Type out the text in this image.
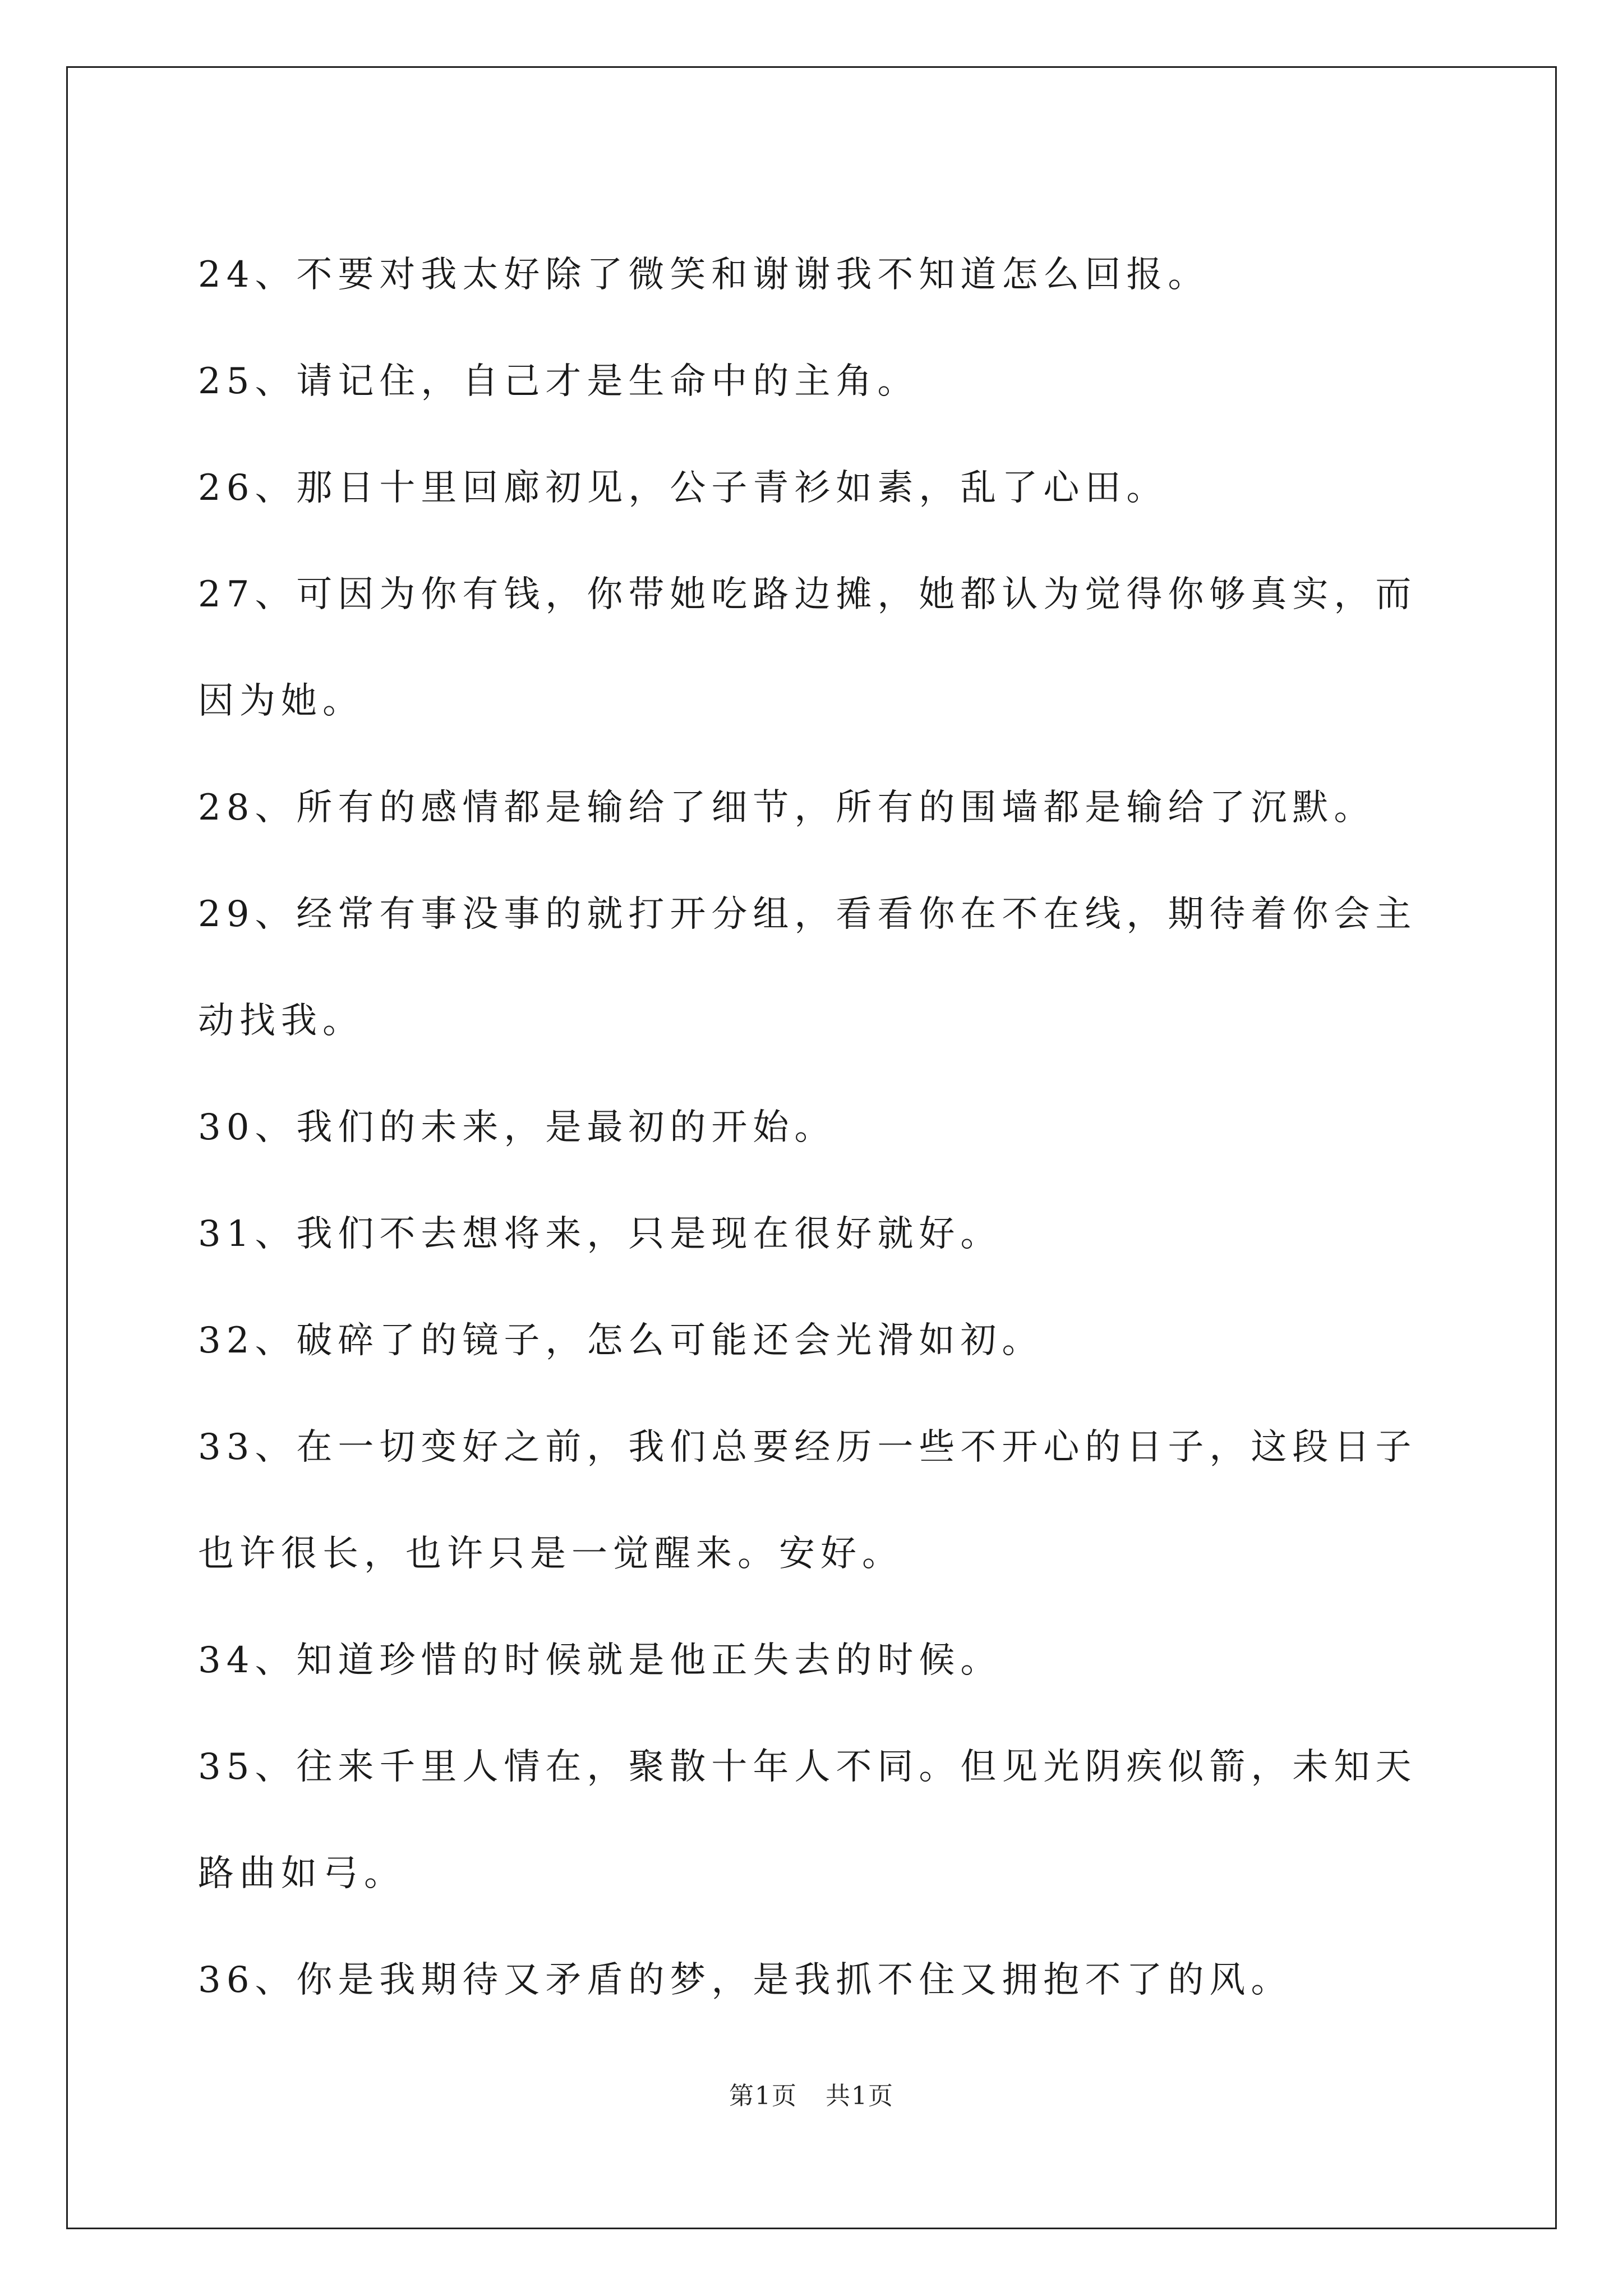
24、不要对我太好除了微笑和谢谢我不知道怎么回报。

25、请记住，自己才是生命中的主角。

26、那日十里回廊初见，公子青衫如素，乱了心田。

27、可因为你有钱，你带她吃路边摊，她都认为觉得你够真实，而因为她。

28、所有的感情都是输给了细节，所有的围墙都是输给了沉默。

29、经常有事没事的就打开分组，看看你在不在线，期待着你会主动找我。

30、我们的未来，是最初的开始。

31、我们不去想将来，只是现在很好就好。

32、破碎了的镜子，怎么可能还会光滑如初。

33、在一切变好之前，我们总要经历一些不开心的日子，这段日子也许很长，也许只是一觉醒来。安好。

34、知道珍惜的时候就是他正失去的时候。

35、往来千里人情在，聚散十年人不同。但见光阴疾似箭，未知天路曲如弓。

36、你是我期待又矛盾的梦，是我抓不住又拥抱不了的风。

第1页 共1页
